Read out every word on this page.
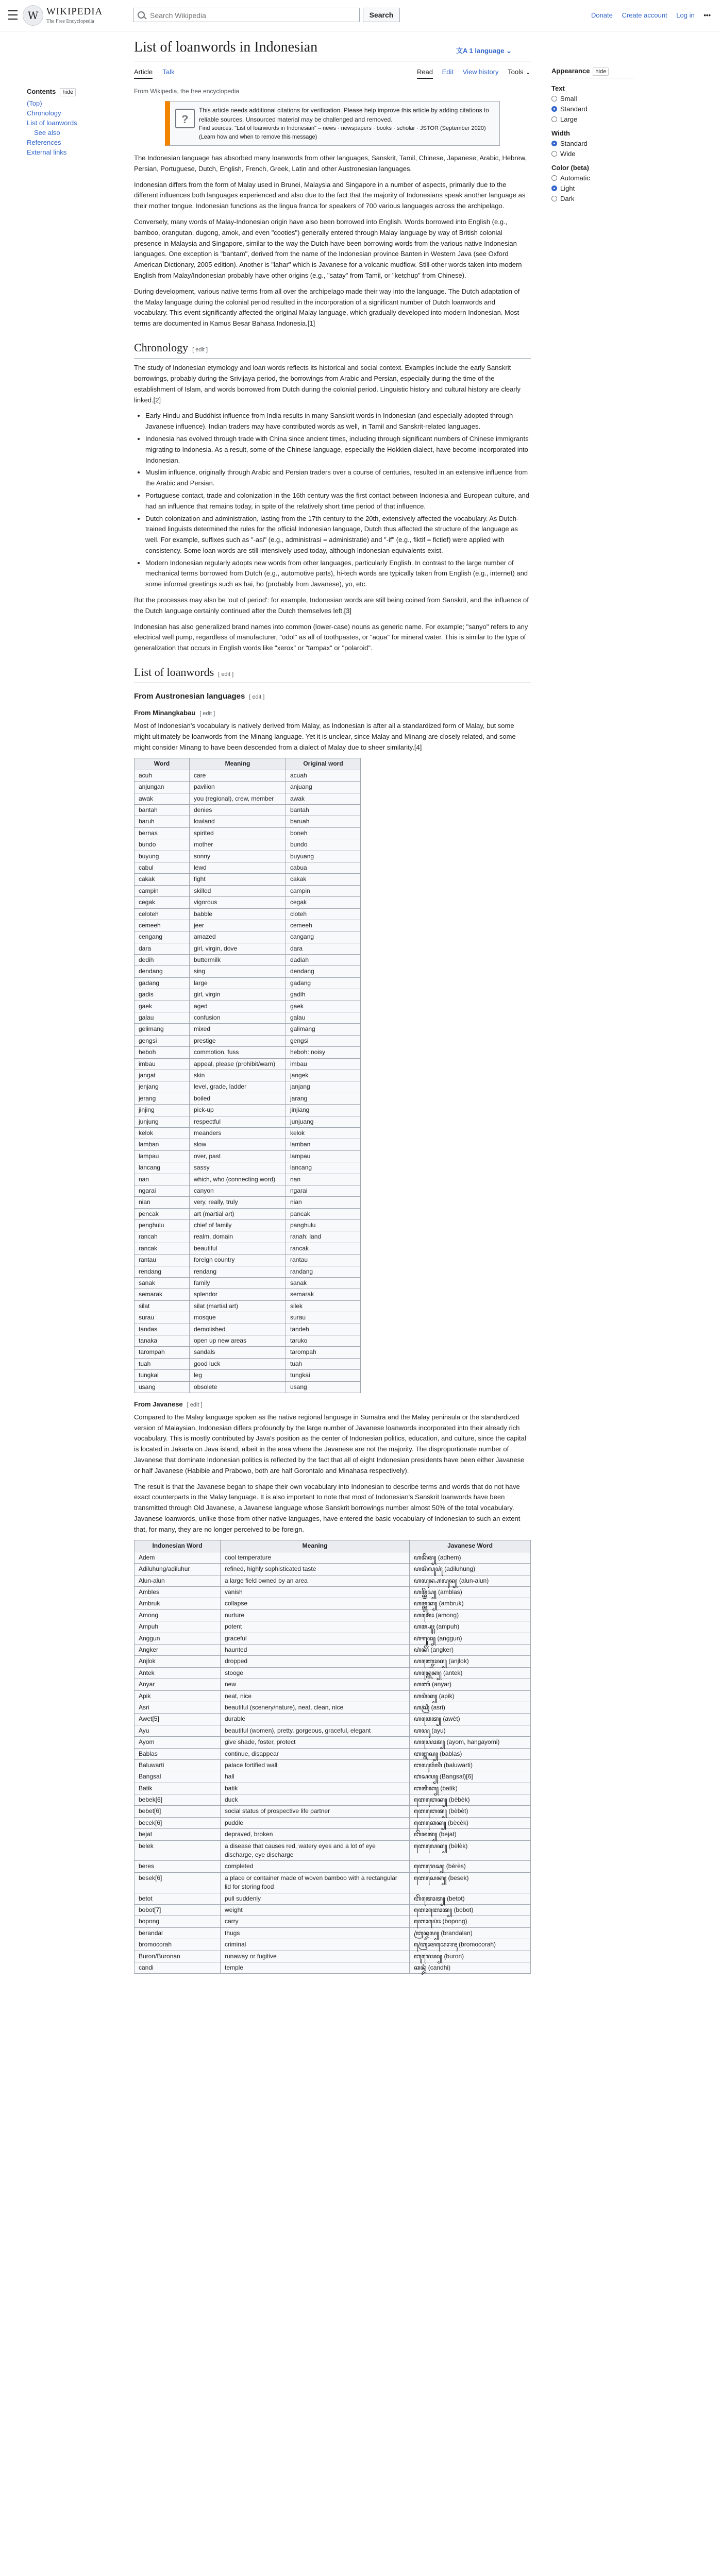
W WIKIPEDIA
The Free Encyclopedia
Search Wikipedia
Search	Donate Create account Log in •••
Contents hide
(Top)
Chronology
List of loanwords
See also
References
External links
List of loanwords in Indonesian	文A 1 language ⌄
Article Talk	Read Edit View history Tools ⌄
From Wikipedia, the free encyclopedia
Appearance hide
Text
Small
Standard
Large
Width
Standard
Wide
Color (beta)
Automatic
Light
Dark
?
This article needs additional citations for verification. Please help improve this article by adding citations to reliable sources. Unsourced material may be challenged and removed.
Find sources: "List of loanwords in Indonesian" – news · newspapers · books · scholar · JSTOR (September 2020) (Learn how and when to remove this message)

The Indonesian language has absorbed many loanwords from other languages, Sanskrit, Tamil, Chinese, Japanese, Arabic, Hebrew, Persian, Portuguese, Dutch, English, French, Greek, Latin and other Austronesian languages.

Indonesian differs from the form of Malay used in Brunei, Malaysia and Singapore in a number of aspects, primarily due to the different influences both languages experienced and also due to the fact that the majority of Indonesians speak another language as their mother tongue. Indonesian functions as the lingua franca for speakers of 700 various languages across the archipelago.

Conversely, many words of Malay-Indonesian origin have also been borrowed into English. Words borrowed into English (e.g., bamboo, orangutan, dugong, amok, and even "cooties") generally entered through Malay language by way of British colonial presence in Malaysia and Singapore, similar to the way the Dutch have been borrowing words from the various native Indonesian languages. One exception is "bantam", derived from the name of the Indonesian province Banten in Western Java (see Oxford American Dictionary, 2005 edition). Another is "lahar" which is Javanese for a volcanic mudflow. Still other words taken into modern English from Malay/Indonesian probably have other origins (e.g., "satay" from Tamil, or "ketchup" from Chinese).

During development, various native terms from all over the archipelago made their way into the language. The Dutch adaptation of the Malay language during the colonial period resulted in the incorporation of a significant number of Dutch loanwords and vocabulary. This event significantly affected the original Malay language, which gradually developed into modern Indonesian. Most terms are documented in Kamus Besar Bahasa Indonesia.[1]

Chronology [ edit ]

The study of Indonesian etymology and loan words reflects its historical and social context. Examples include the early Sanskrit borrowings, probably during the Srivijaya period, the borrowings from Arabic and Persian, especially during the time of the establishment of Islam, and words borrowed from Dutch during the colonial period. Linguistic history and cultural history are clearly linked.[2]

• Early Hindu and Buddhist influence from India results in many Sanskrit words in Indonesian (and especially adopted through Javanese influence). Indian traders may have contributed words as well, in Tamil and Sanskrit-related languages.
• Indonesia has evolved through trade with China since ancient times, including through significant numbers of Chinese immigrants migrating to Indonesia. As a result, some of the Chinese language, especially the Hokkien dialect, have become incorporated into Indonesian.
• Muslim influence, originally through Arabic and Persian traders over a course of centuries, resulted in an extensive influence from the Arabic and Persian.
• Portuguese contact, trade and colonization in the 16th century was the first contact between Indonesia and European culture, and had an influence that remains today, in spite of the relatively short time period of that influence.
• Dutch colonization and administration, lasting from the 17th century to the 20th, extensively affected the vocabulary. As Dutch-trained linguists determined the rules for the official Indonesian language, Dutch thus affected the structure of the language as well. For example, suffixes such as "-asi" (e.g., administrasi = administratie) and "-if" (e.g., fiktif = fictief) were applied with consistency. Some loan words are still intensively used today, although Indonesian equivalents exist.
• Modern Indonesian regularly adopts new words from other languages, particularly English. In contrast to the large number of mechanical terms borrowed from Dutch (e.g., automotive parts), hi-tech words are typically taken from English (e.g., internet) and some informal greetings such as hai, ho (probably from Javanese), yo, etc.

But the processes may also be 'out of period': for example, Indonesian words are still being coined from Sanskrit, and the influence of the Dutch language certainly continued after the Dutch themselves left.[3]

Indonesian has also generalized brand names into common (lower-case) nouns as generic name. For example; "sanyo" refers to any electrical well pump, regardless of manufacturer, "odol" as all of toothpastes, or "aqua" for mineral water. This is similar to the type of generalization that occurs in English words like "xerox" or "tampax" or "polaroid".

List of loanwords [ edit ]
From Austronesian languages [ edit ]
From Minangkabau [ edit ]

Most of Indonesian's vocabulary is natively derived from Malay, as Indonesian is after all a standardized form of Malay, but some might ultimately be loanwords from the Minang language. Yet it is unclear, since Malay and Minang are closely related, and some might consider Minang to have been descended from a dialect of Malay due to sheer similarity.[4]

Word	Meaning	Original word
acuh	care	acuah
anjungan	pavilion	anjuang
awak	you (regional), crew, member	awak
bantah	denies	bantah
baruh	lowland	baruah
bernas	spirited	boneh
bundo	mother	bundo
buyung	sonny	buyuang
cabul	lewd	cabua
cakak	fight	cakak
campin	skilled	campin
cegak	vigorous	cegak
celoteh	babble	cloteh
cemeeh	jeer	cemeeh
cengang	amazed	cangang
dara	girl, virgin, dove	dara
dedih	buttermilk	dadiah
dendang	sing	dendang
gadang	large	gadang
gadis	girl, virgin	gadih
gaek	aged	gaek
galau	confusion	galau
gelimang	mixed	galimang
gengsi	prestige	gengsi
heboh	commotion, fuss	heboh: noisy
imbau	appeal, please (prohibit/warn)	imbau
jangat	skin	jangek
jenjang	level, grade, ladder	janjang
jerang	boiled	jarang
jinjing	pick-up	jinjiang
junjung	respectful	junjuang
kelok	meanders	kelok
lamban	slow	lamban
lampau	over, past	lampau
lancang	sassy	lancang
nan	which, who (connecting word)	nan
ngarai	canyon	ngarai
nian	very, really, truly	nian
pencak	art (martial art)	pancak
penghulu	chief of family	panghulu
rancah	realm, domain	ranah: land
rancak	beautiful	rancak
rantau	foreign country	rantau
rendang	rendang	randang
sanak	family	sanak
semarak	splendor	semarak
silat	silat (martial art)	silek
surau	mosque	surau
tandas	demolished	tandeh
tanaka	open up new areas	taruko
tarompah	sandals	tarompah
tuah	good luck	tuah
tungkai	leg	tungkai
usang	obsolete	usang
From Javanese [ edit ]

Compared to the Malay language spoken as the native regional language in Sumatra and the Malay peninsula or the standardized version of Malaysian, Indonesian differs profoundly by the large number of Javanese loanwords incorporated into their already rich vocabulary. This is mostly contributed by Java's position as the center of Indonesian politics, education, and culture, since the capital is located in Jakarta on Java island, albeit in the area where the Javanese are not the majority. The disproportionate number of Javanese that dominate Indonesian politics is reflected by the fact that all of eight Indonesian presidents have been either Javanese or half Javanese (Habibie and Prabowo, both are half Gorontalo and Minahasa respectively).

The result is that the Javanese began to shape their own vocabulary into Indonesian to describe terms and words that do not have exact counterparts in the Malay language. It is also important to note that most of Indonesian's Sanskrit loanwords have been transmitted through Old Javanese, a Javanese language whose Sanskrit borrowings number almost 50% of the total vocabulary. Javanese loanwords, unlike those from other native languages, have entered the basic vocabulary of Indonesian to such an extent that, for many, they are no longer perceived to be foreign.

Indonesian Word	Meaning	Javanese Word
Adem	cool temperature	ꦲꦢꦼꦩ꧀ (adhem)
Adiluhung/adiluhur	refined, highly sophisticated taste	ꦲꦢꦶꦭꦸꦲꦸꦁ (adiluhung)
Alun-alun	a large field owned by an area	ꦲꦭꦸꦤ꧀ꦲꦭꦸꦤ꧀ (alun-alun)
Ambles	vanish	ꦲꦩ꧀ꦧ꧀ꦭꦼꦱ꧀ (amblas)
Ambruk	collapse	ꦲꦩ꧀ꦧ꧀ꦫꦸꦏ꧀ (ambruk)
Among	nurture	ꦲꦩꦺꦴꦁ (among)
Ampuh	potent	ꦲꦩ꧀ꦥꦸꦃ (ampuh)
Anggun	graceful	ꦲꦁꦒꦸꦤ꧀ (anggun)
Angker	haunted	ꦲꦁꦏꦼꦂ (angker)
Anjlok	dropped	ꦲꦚ꧀ꦗ꧀ꦭꦺꦴꦏ꧀ (anjlok)
Antek	stooge	ꦲꦤ꧀ꦠꦺꦏ꧀ (antek)
Anyar	new	ꦲꦚꦂ (anyar)
Apik	neat, nice	ꦲꦥꦶꦏ꧀ (apik)
Asri	beautiful (scenery/nature), neat, clean, nice	ꦲꦱꦿꦶ (asri)
Awet[5]	durable	ꦲꦮꦺꦠ꧀ (awèt)
Ayu	beautiful (women), pretty, gorgeous, graceful, elegant	ꦲꦪꦸ (ayu)
Ayom	give shade, foster, protect	ꦲꦪꦺꦴꦩ꧀ (ayom, hangayomi)
Bablas	continue, disappear	ꦧꦧ꧀ꦭꦱ꧀ (bablas)
Baluwarti	palace fortified wall	ꦧꦭꦸꦮꦂꦠꦶ (baluwarti)
Bangsal	hall	ꦧꦁꦱꦭ꧀ (Bangsal)[6]
Batik	batik	ꦧꦠꦶꦏ꧀ (batik)
bebek[6]	duck	ꦧꦺꦧꦺꦏ꧀ (bèbèk)
bebet[6]	social status of prospective life partner	ꦧꦺꦧꦺꦠ꧀ (bèbèt)
becek[6]	puddle	ꦧꦺꦕꦺꦏ꧀ (bècèk)
bejat	depraved, broken	ꦧꦼꦗꦠ꧀ (bejat)
belek	a disease that causes red, watery eyes and a lot of eye discharge, eye discharge	ꦧꦺꦭꦺꦏ꧀ (bèlèk)
beres	completed	ꦧꦺꦫꦺꦱ꧀ (bérès)
besek[6]	a place or container made of woven bamboo with a rectangular lid for storing food	ꦧꦺꦱꦺꦏ꧀ (besek)
betot	pull suddenly	ꦧꦼꦠꦺꦴꦠ꧀ (betot)
bobot[7]	weight	ꦧꦺꦴꦧꦺꦴꦠ꧀ (bobot)
bopong	carry	ꦧꦺꦴꦥꦺꦴꦁ (bopong)
berandal	thugs	ꦧꦿꦤ꧀ꦢꦭ꧀ (brandalan)
bromocorah	criminal	ꦧꦿꦺꦴꦩꦕꦺꦴꦫꦃ (bromocorah)
Buron/Buronan	runaway or fugitive	ꦧꦸꦫꦺꦴꦤ꧀ (buron)
candi	temple	ꦕꦤ꧀ꦢꦶ (candhi)
